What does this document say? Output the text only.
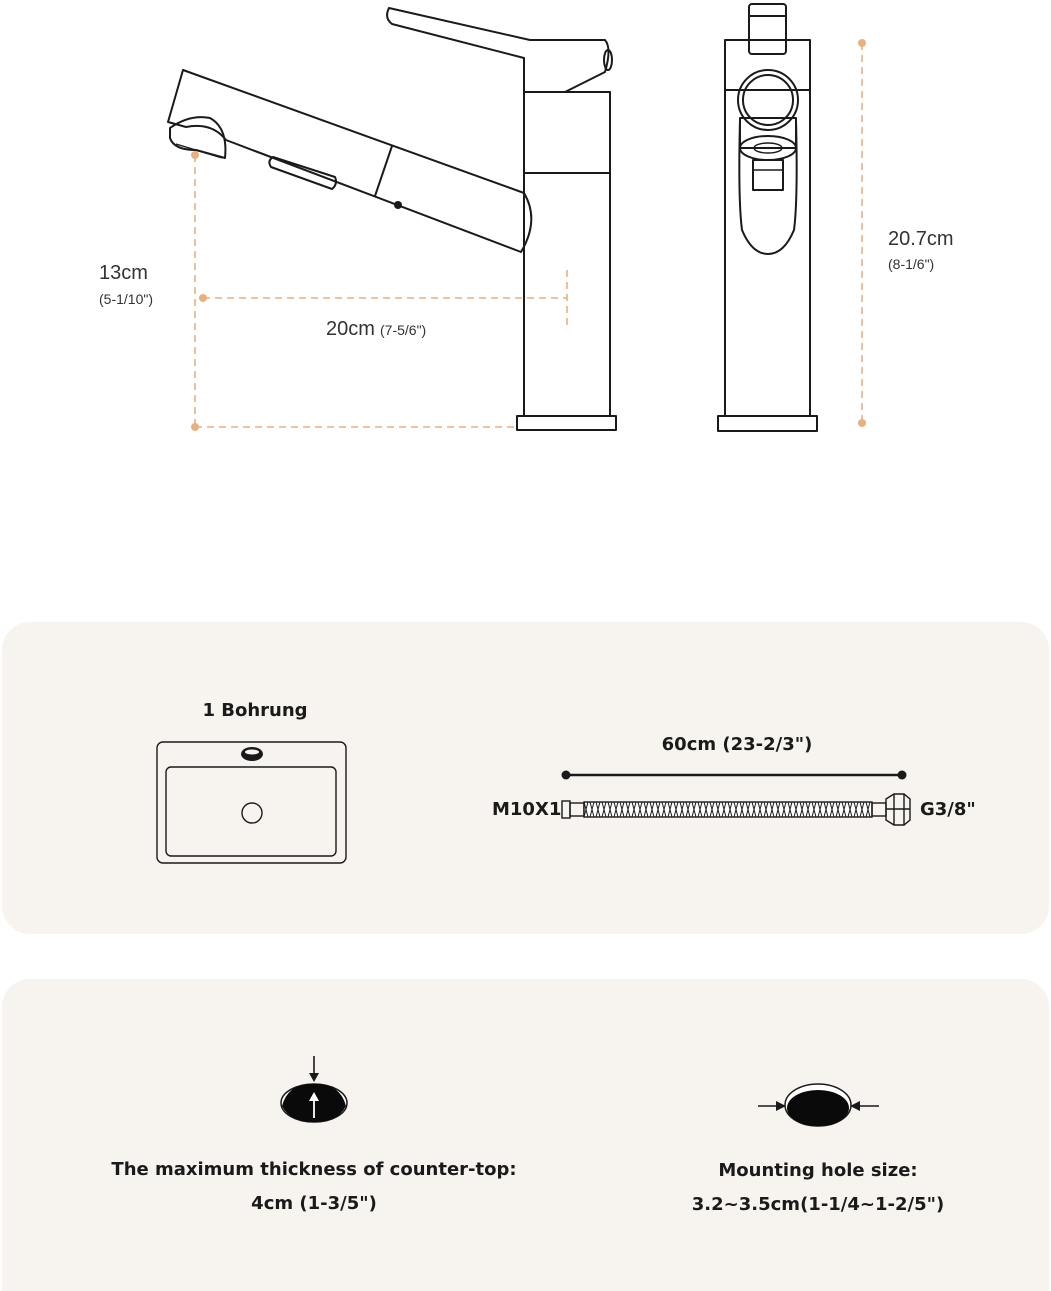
13cm
(5-1/10")
20cm (7-5/6")
20.7cm
(8-1/6")
1 Bohrung
60cm (23-2/3")
M10X1	G3/8"
The maximum thickness of counter-top:
4cm (1-3/5")
Mounting hole size:
3.2~3.5cm(1-1/4~1-2/5")
